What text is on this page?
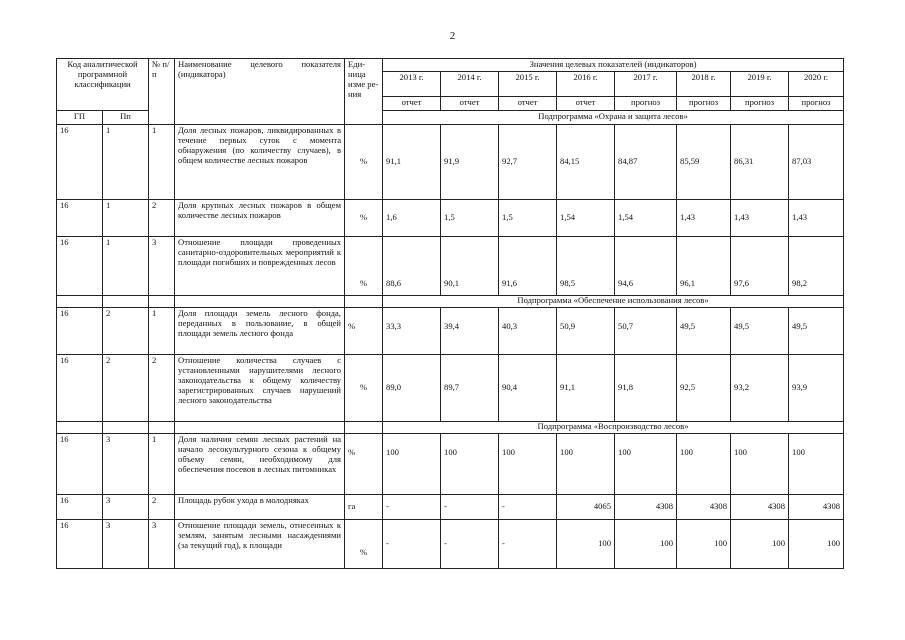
2
Код аналитической программной классификации		№ п/п	Наименование целевого показателя (индикатора)	Еди-ница изме ре-ния	Значения целевых показателей (индикаторов)							
					2013 г.	2014 г.	2015 г.	2016 г.	2017 г.	2018 г.	2019 г.	2020 г.
					отчет	отчет	отчет	отчет	прогноз	прогноз	прогноз	прогноз
ГП	Пп				Подпрограмма «Охрана и защита лесов»							
16	1	1	Доля лесных пожаров, ликвидированных в течение первых суток с момента обнаружения (по количеству случаев), в общем количестве лесных пожаров	%	91,1	91,9	92,7	84,15	84,87	85,59	86,31	87,03
16	1	2	Доля крупных лесных пожаров в общем количестве лесных пожаров	%	1,6	1,5	1,5	1,54	1,54	1,43	1,43	1,43
16	1	3	Отношение площади проведенных санитарно-оздоровительных мероприятий к площади погибших и поврежденных лесов	%	88,6	90,1	91,6	98,5	94,6	96,1	97,6	98,2
					Подпрограмма «Обеспечение использования лесов»							
16	2	1	Доля площади земель лесного фонда, переданных в пользование, в общей площади земель лесного фонда	%	33,3	39,4	40,3	50,9	50,7	49,5	49,5	49,5
16	2	2	Отношение количества случаев с установленными нарушителями лесного законодательства к общему количеству зарегистрированных случаев нарушений лесного законодательства	%	89,0	89,7	90,4	91,1	91,8	92,5	93,2	93,9
					Подпрограмма «Воспроизводство лесов»							
16	3	1	Доля наличия семян лесных растений на начало лесокультурного сезона к общему объему семян, необходимому для обеспечения посевов в лесных питомниках	%	100	100	100	100	100	100	100	100
16	3	2	Площадь рубок ухода в молодняках	га	-	-	-	4065	4308	4308	4308	4308
16	3	3	Отношение площади земель, отнесенных к землям, занятым лесными насаждениями (за текущий год), к площади	%	-	-	-	100	100	100	100	100
